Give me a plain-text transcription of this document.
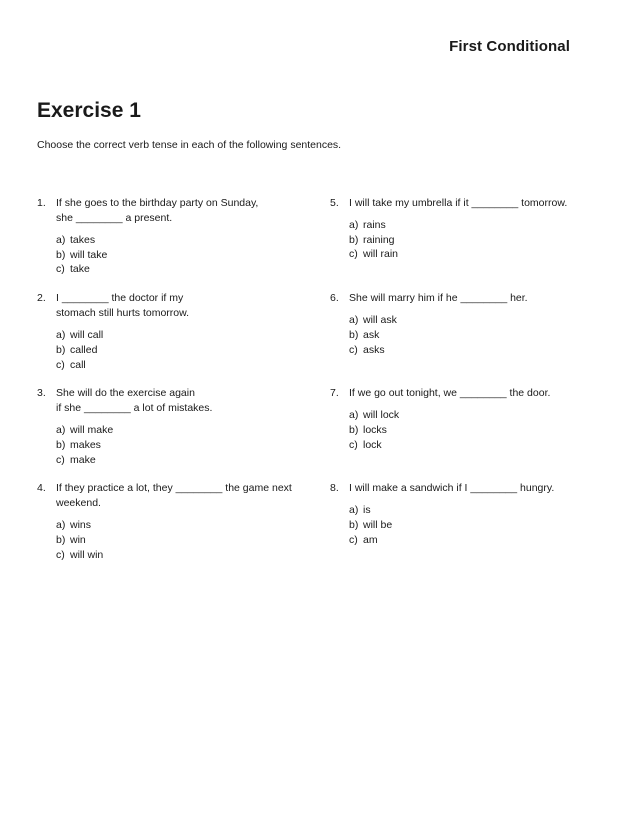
First Conditional
Exercise 1
Choose the correct verb tense in each of the following sentences.
1. If she goes to the birthday party on Sunday,
she ________ a present.
a) takes
b) will take
c) take
2. I ________ the doctor if my
stomach still hurts tomorrow.
a) will call
b) called
c) call
3. She will do the exercise again
if she ________ a lot of mistakes.
a) will make
b) makes
c) make
4. If they practice a lot, they ________ the game next
weekend.
a) wins
b) win
c) will win
5. I will take my umbrella if it ________ tomorrow.
a) rains
b) raining
c) will rain
6. She will marry him if he ________ her.
a) will ask
b) ask
c) asks
7. If we go out tonight, we ________ the door.
a) will lock
b) locks
c) lock
8. I will make a sandwich if I ________ hungry.
a) is
b) will be
c) am
